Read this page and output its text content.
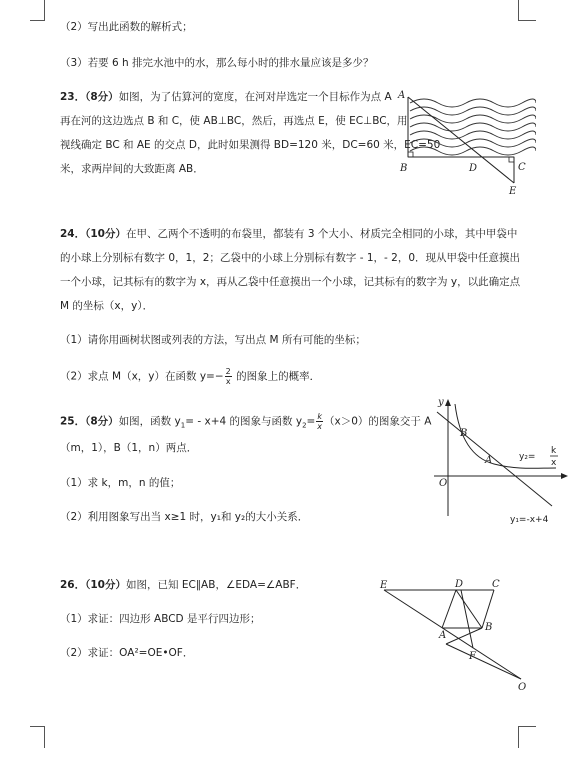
（2）写出此函数的解析式；
（3）若要 6 h 排完水池中的水，那么每小时的排水量应该是多少？
23．（8分）如图，为了估算河的宽度，在河对岸选定一个目标作为点 A
再在河的这边选点 B 和 C，使 AB⊥BC，然后，再选点 E，使 EC⊥BC，用
视线确定 BC 和 AE 的交点 D，此时如果测得 BD=120 米，DC=60 米，EC=50
米，求两岸间的大致距离 AB．
A
B	D	C
E
24．（10分）在甲、乙两个不透明的布袋里，都装有 3 个大小、材质完全相同的小球，其中甲袋中
的小球上分别标有数字 0，1，2；乙袋中的小球上分别标有数字 - 1，- 2，0．现从甲袋中任意摸出
一个小球，记其标有的数字为 x，再从乙袋中任意摸出一个小球，记其标有的数字为 y，以此确定点
M 的坐标（x，y）．
（1）请你用画树状图或列表的方法，写出点 M 所有可能的坐标；
（2）求点 M（x，y）在函数 $y=- \frac{2}{x}$ 的图象上的概率．
25．（8分）如图，函数 $y_1= - x+4$ 的图象与函数 $y_2= \frac{k}{x} (x>0)$的图象交于 A
（m，1），B（1，n）两点．
（1）求 k，m，n 的值；
（2）利用图象写出当 x≥1 时，y₁和 y₂的大小关系．
y
O
B
A	y₂=
k
x
y₁=-x+4
26．（10分）如图，已知 EC∥AB，∠EDA=∠ABF．
（1）求证：四边形 ABCD 是平行四边形；
（2）求证：OA²=OE•OF．
E	D	C
A
B
F
O
